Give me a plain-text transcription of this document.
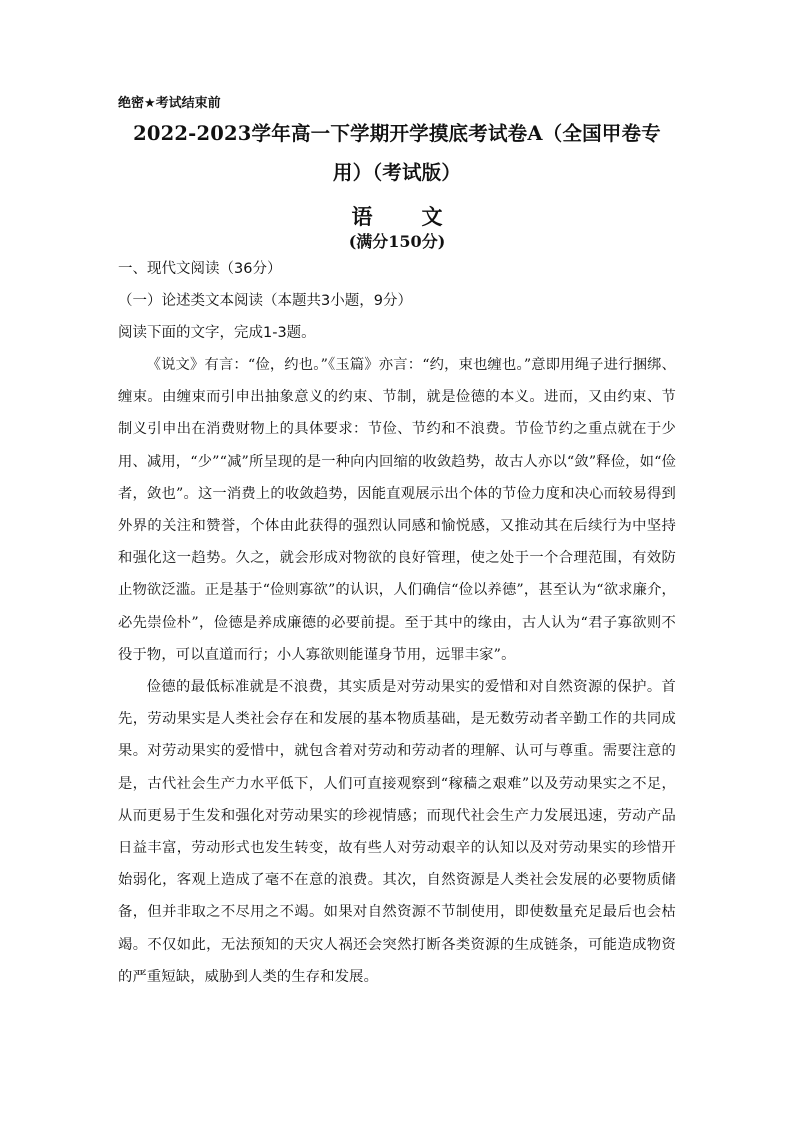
绝密★考试结束前
2022-2023学年高一下学期开学摸底考试卷A（全国甲卷专
用）（考试版）
语　文
(满分150分)
一、现代文阅读（36分）
（一）论述类文本阅读（本题共3小题，9分）
阅读下面的文字，完成1-3题。

《说文》有言：“俭，约也。”《玉篇》亦言：“约，束也缠也。”意即用绳子进行捆绑、缠束。由缠束而引申出抽象意义的约束、节制，就是俭德的本义。进而，又由约束、节制义引申出在消费财物上的具体要求：节俭、节约和不浪费。节俭节约之重点就在于少用、减用，“少”“减”所呈现的是一种向内回缩的收敛趋势，故古人亦以“敛”释俭，如“俭者，敛也”。这一消费上的收敛趋势，因能直观展示出个体的节俭力度和决心而较易得到外界的关注和赞誉，个体由此获得的强烈认同感和愉悦感，又推动其在后续行为中坚持和强化这一趋势。久之，就会形成对物欲的良好管理，使之处于一个合理范围，有效防止物欲泛滥。正是基于“俭则寡欲”的认识，人们确信“俭以养德”，甚至认为“欲求廉介，必先崇俭朴”，俭德是养成廉德的必要前提。至于其中的缘由，古人认为“君子寡欲则不役于物，可以直道而行；小人寡欲则能谨身节用，远罪丰家”。

俭德的最低标准就是不浪费，其实质是对劳动果实的爱惜和对自然资源的保护。首先，劳动果实是人类社会存在和发展的基本物质基础，是无数劳动者辛勤工作的共同成果。对劳动果实的爱惜中，就包含着对劳动和劳动者的理解、认可与尊重。需要注意的是，古代社会生产力水平低下，人们可直接观察到“稼穑之艰难”以及劳动果实之不足，从而更易于生发和强化对劳动果实的珍视情感；而现代社会生产力发展迅速，劳动产品日益丰富，劳动形式也发生转变，故有些人对劳动艰辛的认知以及对劳动果实的珍惜开始弱化，客观上造成了毫不在意的浪费。其次，自然资源是人类社会发展的必要物质储备，但并非取之不尽用之不竭。如果对自然资源不节制使用，即使数量充足最后也会枯竭。不仅如此，无法预知的天灾人祸还会突然打断各类资源的生成链条，可能造成物资的严重短缺，威胁到人类的生存和发展。
